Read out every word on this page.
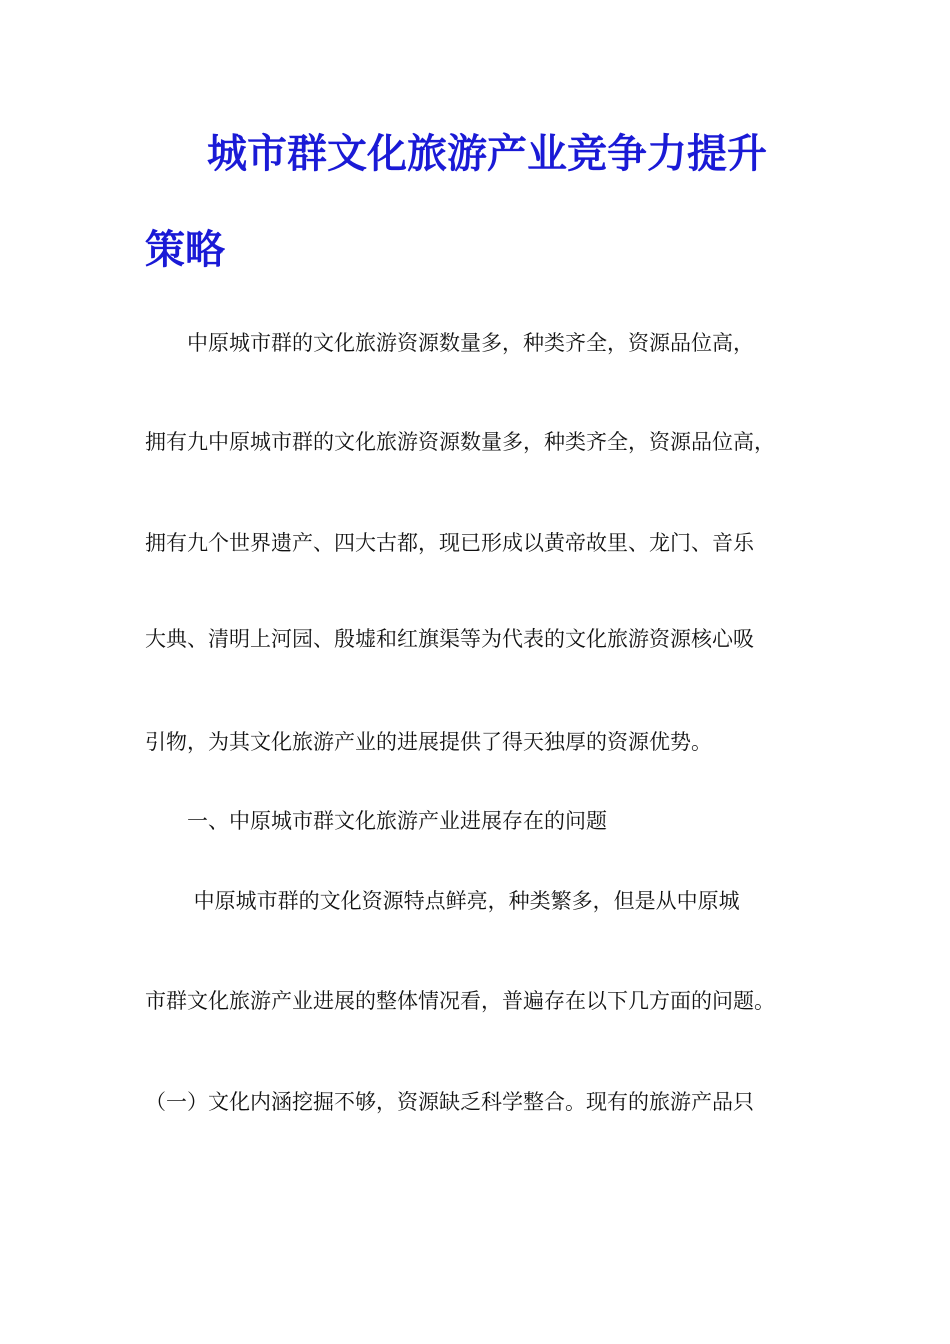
城市群文化旅游产业竞争力提升
策略
　　中原城市群的文化旅游资源数量多，种类齐全，资源品位高，
拥有九中原城市群的文化旅游资源数量多，种类齐全，资源品位高，
拥有九个世界遗产、四大古都，现已形成以黄帝故里、龙门、音乐
大典、清明上河园、殷墟和红旗渠等为代表的文化旅游资源核心吸
引物，为其文化旅游产业的进展提供了得天独厚的资源优势。
　　一、中原城市群文化旅游产业进展存在的问题
　　 中原城市群的文化资源特点鲜亮，种类繁多，但是从中原城
市群文化旅游产业进展的整体情况看，普遍存在以下几方面的问题。
（一）文化内涵挖掘不够，资源缺乏科学整合。现有的旅游产品只
